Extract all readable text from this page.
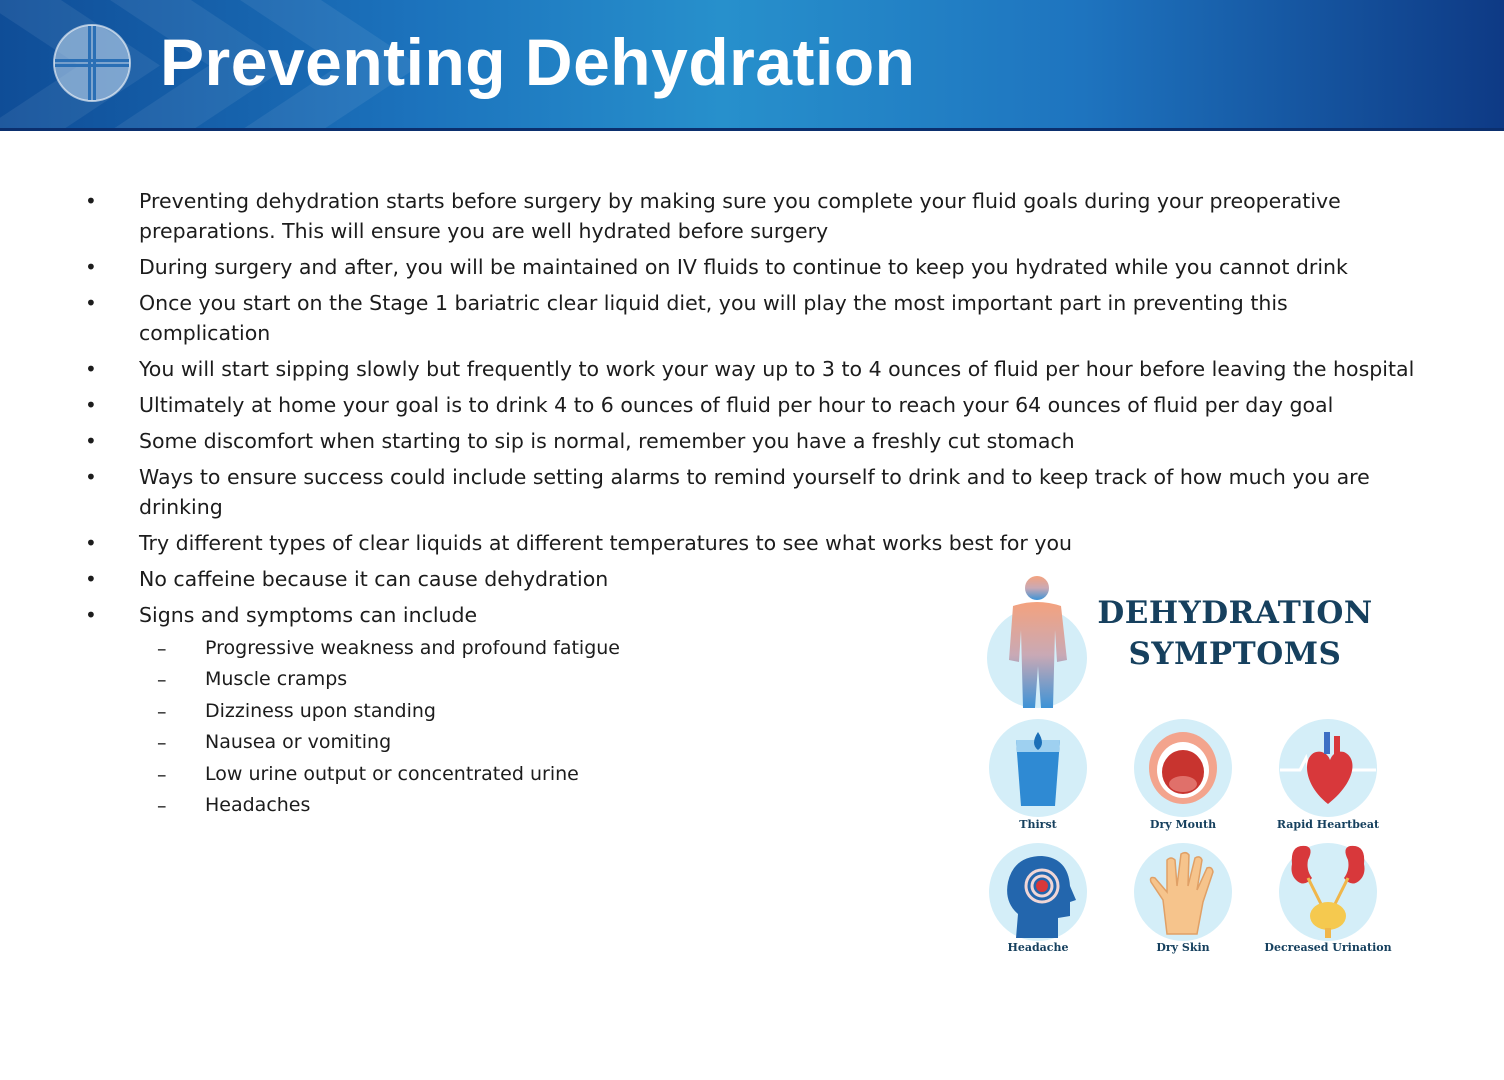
Preventing Dehydration
• Preventing dehydration starts before surgery by making sure you complete your fluid goals during your preoperative preparations. This will ensure you are well hydrated before surgery
• During surgery and after, you will be maintained on IV fluids to continue to keep you hydrated while you cannot drink
• Once you start on the Stage 1 bariatric clear liquid diet, you will play the most important part in preventing this complication
• You will start sipping slowly but frequently to work your way up to 3 to 4 ounces of fluid per hour before leaving the hospital
• Ultimately at home your goal is to drink 4 to 6 ounces of fluid per hour to reach your 64 ounces of fluid per day goal
• Some discomfort when starting to sip is normal, remember you have a freshly cut stomach
• Ways to ensure success could include setting alarms to remind yourself to drink and to keep track of how much you are drinking
• Try different types of clear liquids at different temperatures to see what works best for you
• No caffeine because it can cause dehydration
• Signs and symptoms can include
– Progressive weakness and profound fatigue
– Muscle cramps
– Dizziness upon standing
– Nausea or vomiting
– Low urine output or concentrated urine
– Headaches
DEHYDRATION
SYMPTOMS
Thirst	Dry Mouth	Rapid Heartbeat
Headache	Dry Skin	Decreased Urination
